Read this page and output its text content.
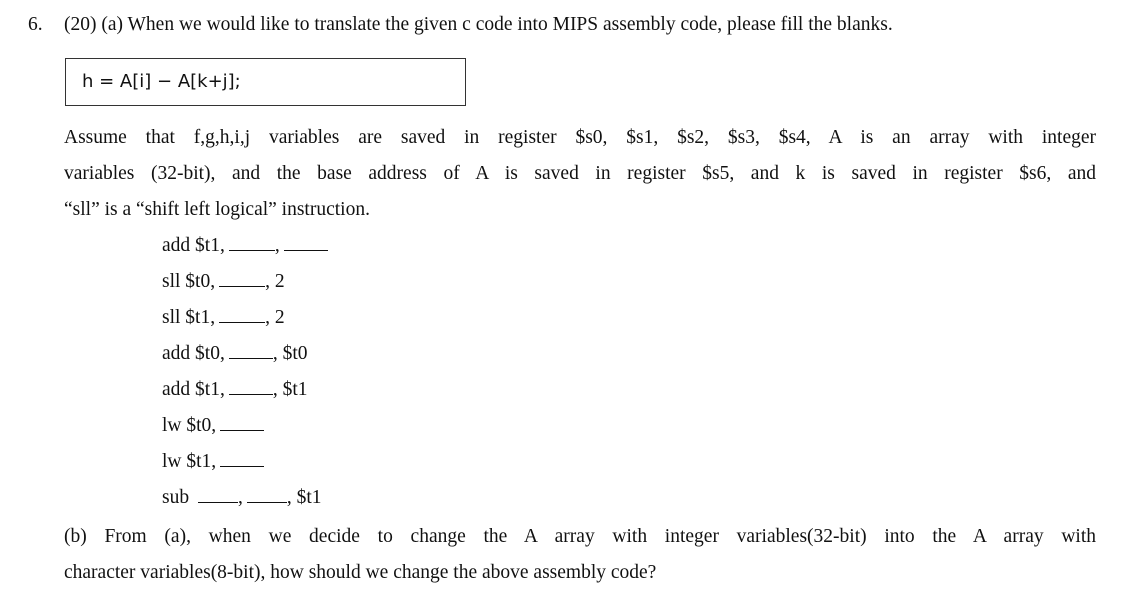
6. (20) (a) When we would like to translate the given c code into MIPS assembly code, please fill the blanks.
h = A[i] − A[k+j];
Assume that f,g,h,i,j variables are saved in register $s0, $s1, $s2, $s3, $s4, A is an array with integer
variables (32-bit), and the base address of A is saved in register $s5, and k is saved in register $s6, and
“sll” is a “shift left logical” instruction.
add $t1,	,
sll $t0,	, 2
sll $t1,	, 2
add $t0, , $t0
add $t1, , $t1
lw $t0,
lw $t1,
sub	, , $t1
(b) From (a), when we decide to change the A array with integer variables(32-bit) into the A array with
character variables(8-bit), how should we change the above assembly code?
